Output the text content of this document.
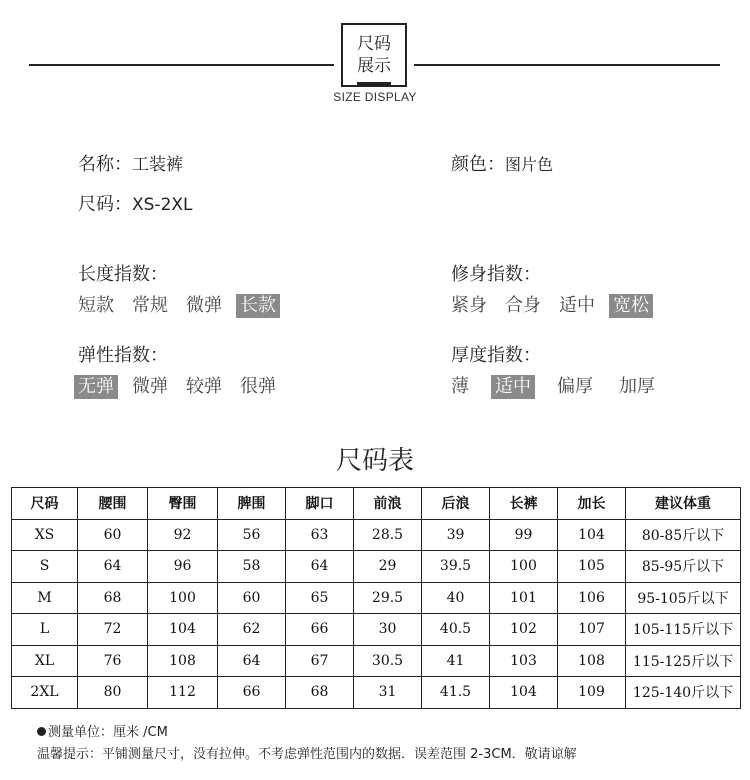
尺码
展示
SIZE DISPLAY
名称：工装裤
尺码：XS-2XL
颜色：图片色
长度指数：
短款 常规 微弹 长款
修身指数：
紧身 合身 适中 宽松
弹性指数：
无弹 微弹 较弹 很弹
厚度指数：
薄 适中 偏厚 加厚
尺码表
尺码	腰围	臀围	脾围	脚口	前浪	后浪	长裤	加长	建议体重
XS	60	92	56	63	28.5	39	99	104	80-85斤以下
S	64	96	58	64	29	39.5	100	105	85-95斤以下
M	68	100	60	65	29.5	40	101	106	95-105斤以下
L	72	104	62	66	30	40.5	102	107	105-115斤以下
XL	76	108	64	67	30.5	41	103	108	115-125斤以下
2XL	80	112	66	68	31	41.5	104	109	125-140斤以下
测量单位：厘米 /CM
温馨提示：平铺测量尺寸，没有拉伸。不考虑弹性范围内的数据．误差范围 2-3CM．敬请谅解
